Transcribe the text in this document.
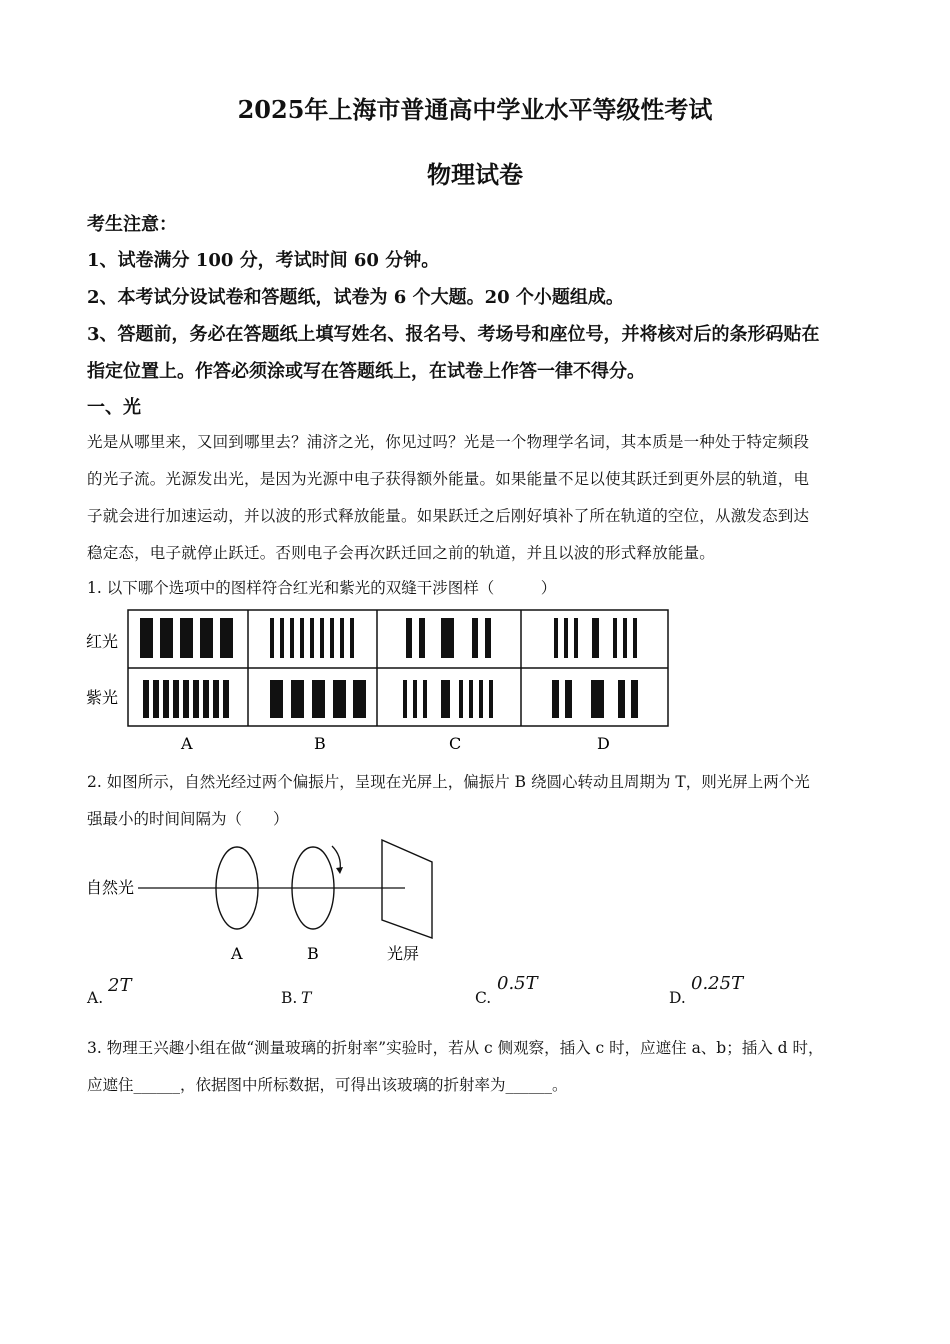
2025年上海市普通高中学业水平等级性考试
物理试卷
考生注意：
1、试卷满分 100 分，考试时间 60 分钟。
2、本考试分设试卷和答题纸，试卷为 6 个大题。20 个小题组成。
3、答题前，务必在答题纸上填写姓名、报名号、考场号和座位号，并将核对后的条形码贴在
指定位置上。作答必须涂或写在答题纸上，在试卷上作答一律不得分。
一、光
光是从哪里来，又回到哪里去？浦济之光，你见过吗？光是一个物理学名词，其本质是一种处于特定频段
的光子流。光源发出光，是因为光源中电子获得额外能量。如果能量不足以使其跃迁到更外层的轨道，电
子就会进行加速运动，并以波的形式释放能量。如果跃迁之后刚好填补了所在轨道的空位，从激发态到达
稳定态，电子就停止跃迁。否则电子会再次跃迁回之前的轨道，并且以波的形式释放能量。
1. 以下哪个选项中的图样符合红光和紫光的双缝干涉图样（　　　）
红光
紫光
A	B	C	D
2. 如图所示，自然光经过两个偏振片，呈现在光屏上，偏振片 B 绕圆心转动且周期为 T，则光屏上两个光
强最小的时间间隔为（　　）
自然光
A	B	光屏
A.
2T
B. T	C.
0.5T
D.
0.25T
3. 物理王兴趣小组在做“测量玻璃的折射率”实验时，若从 c 侧观察，插入 c 时，应遮住 a、b；插入 d 时，
应遮住______，依据图中所标数据，可得出该玻璃的折射率为______。
